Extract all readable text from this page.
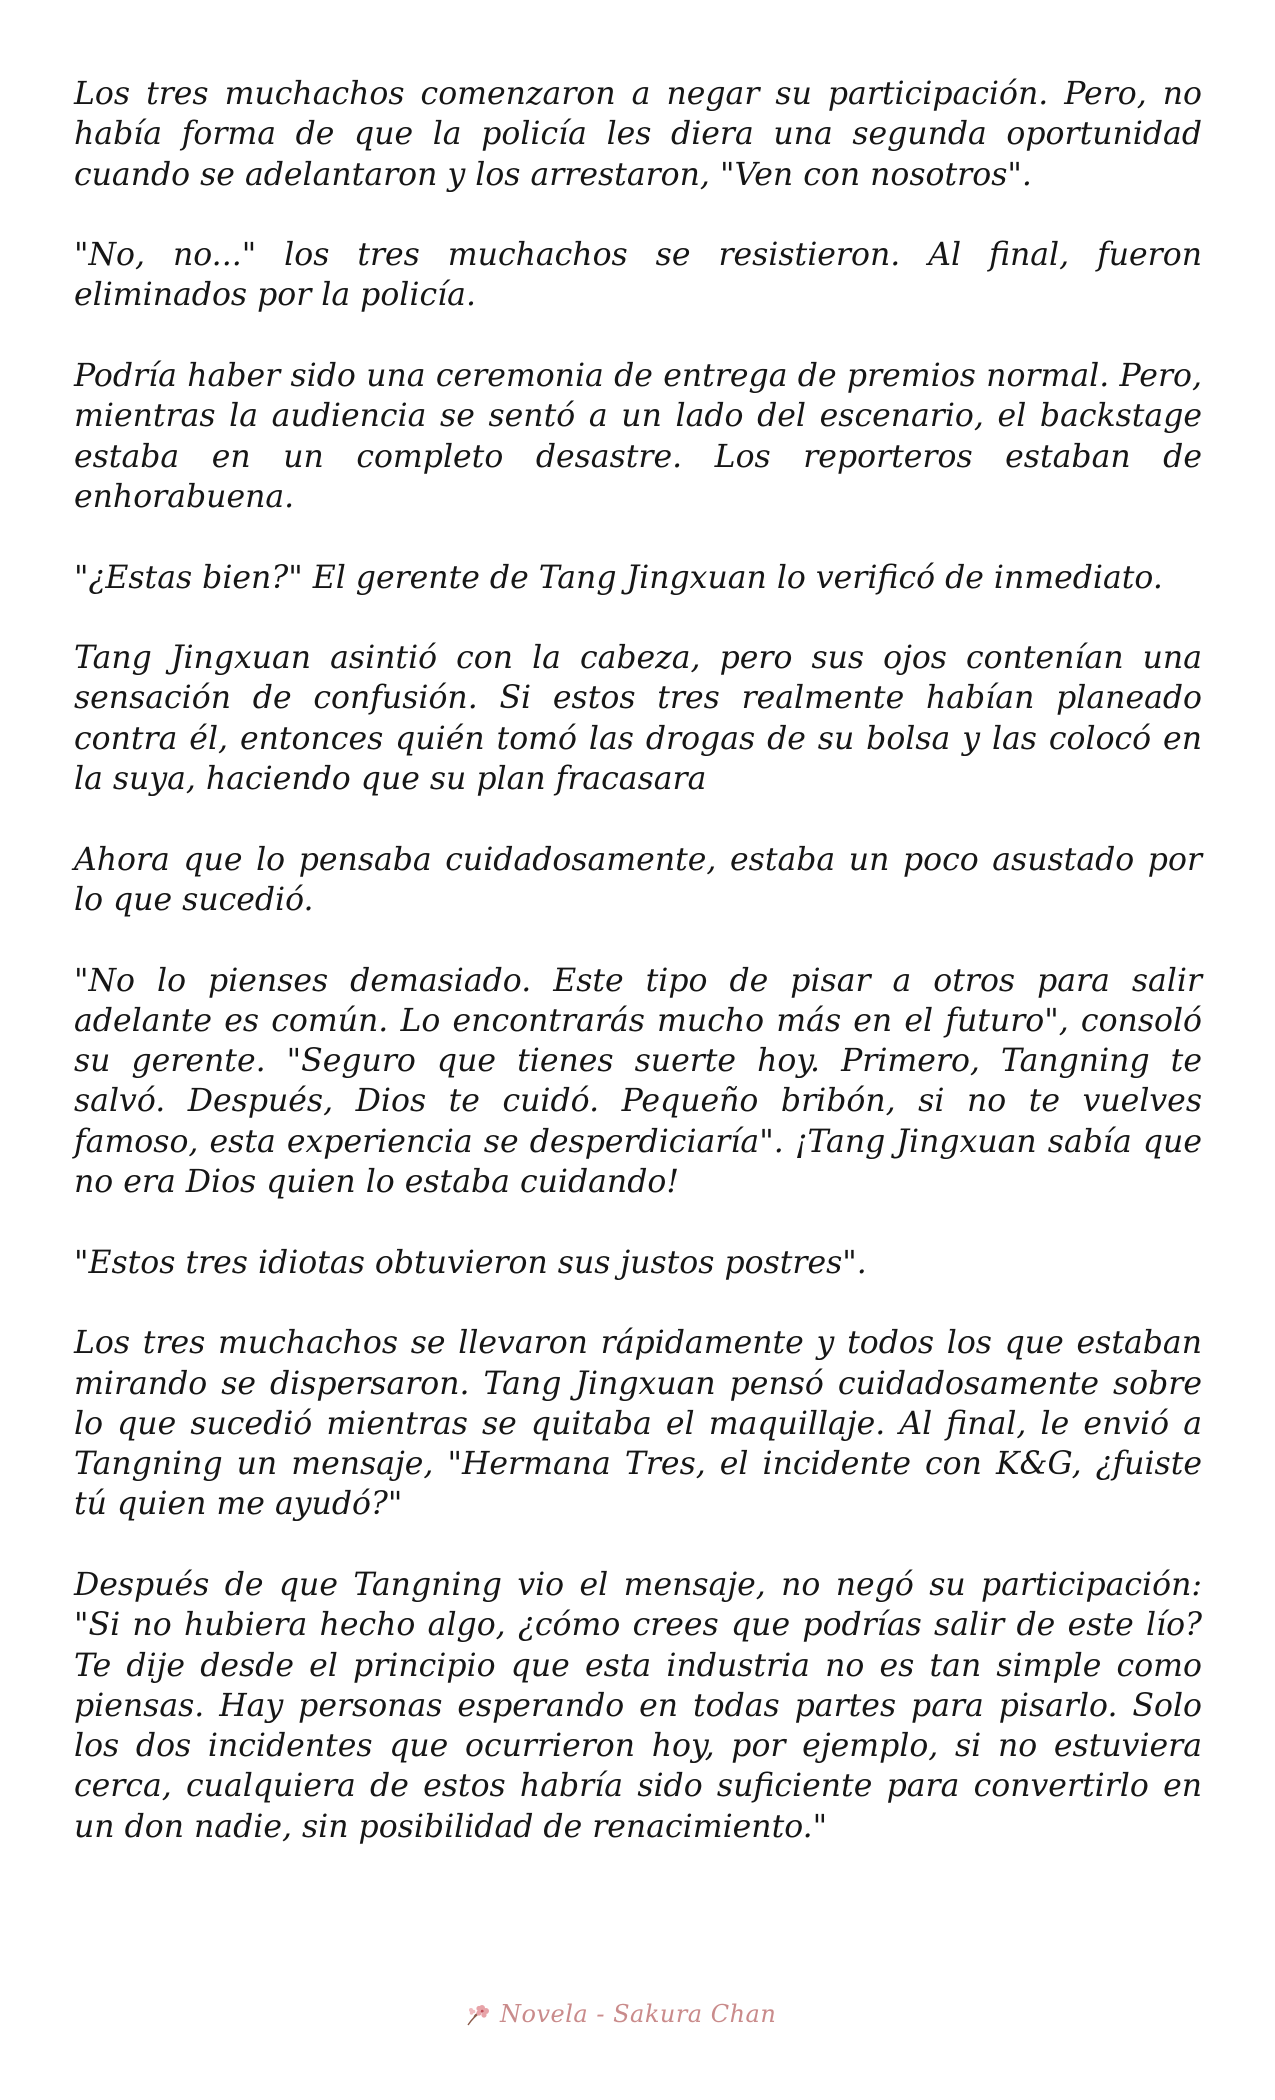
Los tres muchachos comenzaron a negar su participación. Pero, no había forma de que la policía les diera una segunda oportunidad cuando se adelantaron y los arrestaron, "Ven con nosotros".

"No, no..." los tres muchachos se resistieron. Al final, fueron eliminados por la policía.

Podría haber sido una ceremonia de entrega de premios normal. Pero, mientras la audiencia se sentó a un lado del escenario, el backstage estaba en un completo desastre. Los reporteros estaban de enhorabuena.

"¿Estas bien?" El gerente de Tang Jingxuan lo verificó de inmediato.

Tang Jingxuan asintió con la cabeza, pero sus ojos contenían una sensación de confusión. Si estos tres realmente habían planeado contra él, entonces quién tomó las drogas de su bolsa y las colocó en la suya, haciendo que su plan fracasara

Ahora que lo pensaba cuidadosamente, estaba un poco asustado por lo que sucedió.

"No lo pienses demasiado. Este tipo de pisar a otros para salir adelante es común. Lo encontrarás mucho más en el futuro", consoló su gerente. "Seguro que tienes suerte hoy. Primero, Tangning te salvó. Después, Dios te cuidó. Pequeño bribón, si no te vuelves famoso, esta experiencia se desperdiciaría". ¡Tang Jingxuan sabía que no era Dios quien lo estaba cuidando!

"Estos tres idiotas obtuvieron sus justos postres".

Los tres muchachos se llevaron rápidamente y todos los que estaban mirando se dispersaron. Tang Jingxuan pensó cuidadosamente sobre lo que sucedió mientras se quitaba el maquillaje. Al final, le envió a Tangning un mensaje, "Hermana Tres, el incidente con K&G, ¿fuiste tú quien me ayudó?"

Después de que Tangning vio el mensaje, no negó su participación: "Si no hubiera hecho algo, ¿cómo crees que podrías salir de este lío? Te dije desde el principio que esta industria no es tan simple como piensas. Hay personas esperando en todas partes para pisarlo. Solo los dos incidentes que ocurrieron hoy, por ejemplo, si no estuviera cerca, cualquiera de estos habría sido suficiente para convertirlo en un don nadie, sin posibilidad de renacimiento."

Novela - Sakura Chan
